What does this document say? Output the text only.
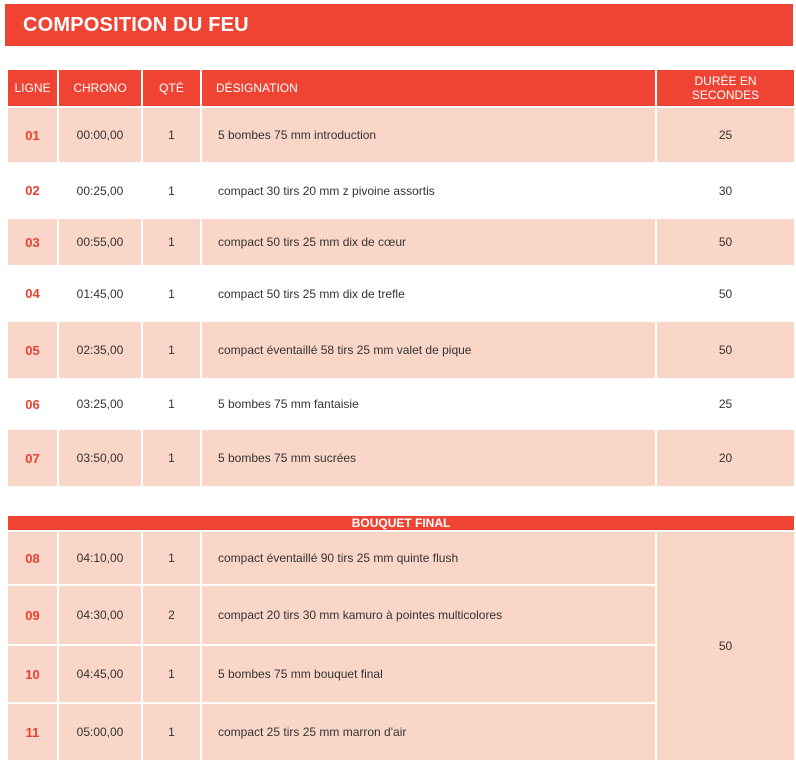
COMPOSITION DU FEU
LIGNE	CHRONO	QTÉ	DÉSIGNATION	DURÉE EN
SECONDES
01	00:00,00	1	5 bombes 75 mm introduction	25
02	00:25,00	1	compact 30 tirs 20 mm z pivoine assortis	30
03	00:55,00	1	compact 50 tirs 25 mm dix de cœur	50
04	01:45,00	1	compact 50 tirs 25 mm dix de trefle	50
05	02:35,00	1	compact éventaillé 58 tirs 25 mm valet de pique	50
06	03:25,00	1	5 bombes 75 mm fantaisie	25
07	03:50,00	1	5 bombes 75 mm sucrées	20
BOUQUET FINAL				
08	04:10,00	1	compact éventaillé 90 tirs 25 mm quinte flush	50
09	04:30,00	2	compact 20 tirs 30 mm kamuro à pointes multicolores	
10	04:45,00	1	5 bombes 75 mm bouquet final	
11	05:00,00	1	compact 25 tirs 25 mm marron d'air	
